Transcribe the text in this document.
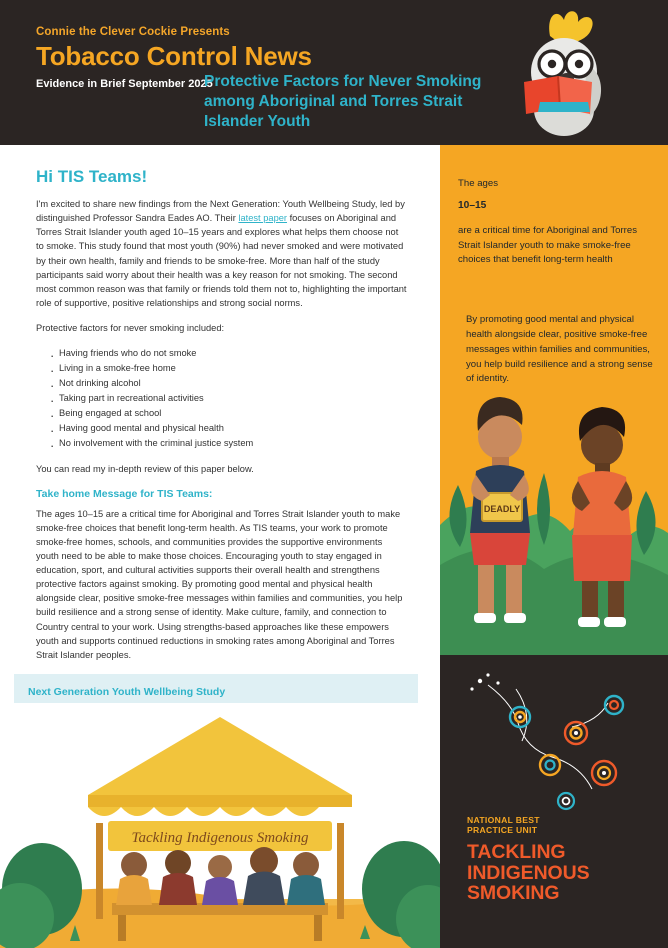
Connie the Clever Cockie Presents
Tobacco Control News
Evidence in Brief September 2025
Protective Factors for Never Smoking among Aboriginal and Torres Strait Islander Youth
Hi TIS Teams!

I'm excited to share new findings from the Next Generation: Youth Wellbeing Study, led by distinguished Professor Sandra Eades AO. Their latest paper focuses on Aboriginal and Torres Strait Islander youth aged 10–15 years and explores what helps them choose not to smoke. This study found that most youth (90%) had never smoked and were motivated by their own health, family and friends to be smoke-free. More than half of the study participants said worry about their health was a key reason for not smoking. The second most common reason was that family or friends told them not to, highlighting the important role of supportive, positive relationships and strong social norms.

Protective factors for never smoking included:

· Having friends who do not smoke
· Living in a smoke-free home
· Not drinking alcohol
· Taking part in recreational activities
· Being engaged at school
· Having good mental and physical health
· No involvement with the criminal justice system

You can read my in-depth review of this paper below.

Take home Message for TIS Teams:

The ages 10–15 are a critical time for Aboriginal and Torres Strait Islander youth to make smoke-free choices that benefit long-term health. As TIS teams, your work to promote smoke-free homes, schools, and communities provides the supportive environments youth need to be able to make those choices. Encouraging youth to stay engaged in education, sport, and cultural activities supports their overall health and strengthens protective factors against smoking. By promoting good mental and physical health alongside clear, positive smoke-free messages within families and communities, you help build resilience and a strong sense of identity. Make culture, family, and connection to Country central to your work. Using strengths-based approaches like these empowers youth and supports continued reductions in smoking rates among Aboriginal and Torres Strait Islander peoples.

Next Generation Youth Wellbeing Study

Tackling Indigenous Smoking
The ages
10–15
are a critical time for Aboriginal and Torres Strait Islander youth to make smoke-free choices that benefit long-term health
By promoting good mental and physical health alongside clear, positive smoke-free messages within families and communities, you help build resilience and a strong sense of identity.
DEADLY
NATIONAL BEST
PRACTICE UNIT
TACKLING
INDIGENOUS
SMOKING
